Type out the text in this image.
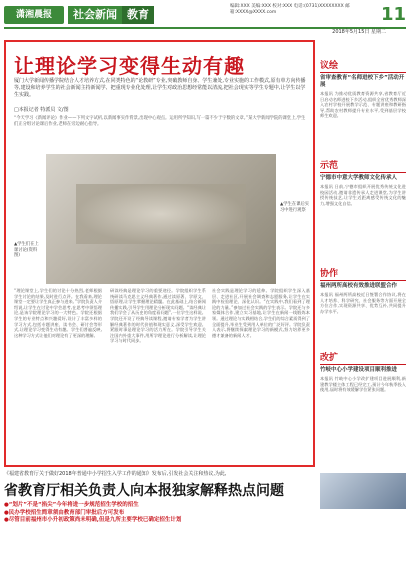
潇湘晨报	社会新闻 教育
编辑:XXX 美编:XXX 校对:XXX 电话:(0731)XXXXXXXX 邮箱:XXXX@XXXX.com	11
2018年5月15日 星期二
让理论学习变得生动有趣
厦门大学新闻传播学院结合人才培养方式,在同类特色的“论教研”专业,突破教师自身、学生兼处,专业实施的工作模式,原有单方向传播等,建设和培养学生的社会新闻主持新闻学、把重现专业化处理,让学生对政治思想经常能以清流,把社会现实等学生专题中,让学生以学生实践。
□本报记者 特派员 文/图
“今天学习《新闻评论》作业——下列文字试析,以新闻事实作背景,出现中心观点。运用所学知识,写一篇不少于字数的文章。”某大学新闻学院的课堂上,学生们正分组讨论课后作业,老师在旁边耐心指导。
▲学生们在上课讨论(资料图)
▲学生在课后实习中进行观察
“理论课堂上,学生们的讨论十分热烈,老师根据学生讨论的结果,及时进行点评。在我看来,理论课堂一定要让学生真正参与进来。”学院负责人介绍说,让学生在讨论中学会思考,在思考中领悟理论,是该学院理论学习的一大特色。学院还根据学生的专业特点和兴趣爱好,设计了丰富多样的学习方式,包括专题讲座、读书会、研讨会等形式,让理论学习变得生动有趣。学生们普遍反映,这种学习方式让他们对理论有了更深的理解。
研读经典是理论学习的重要途径。学院组织学生系统研读马克思主义经典著作,通过读原著、学原文、悟原理,让学生掌握理论精髓。在此基础上,结合新闻传播实践,引导学生用理论分析现实问题。“读经典让我们学会了从历史的角度看问题”,一位学生这样说。学院还开设了经典导读课程,邀请专家学者为学生讲解经典著作的时代价值和现实意义,深受学生欢迎。紧跟时事是理论学习的活力所在。学院引导学生关注国内外重大事件,用所学理论进行分析解读,让理论学习与时代同步。
社会实践是理论学习的延伸。学院组织学生深入基层、走进社区,开展社会调查和志愿服务,让学生在实践中检验理论、深化认识。“在实践中,我们看到了理论的力量。”参加过社会实践的学生表示。学院还与多家媒体合作,建立实习基地,让学生在新闻一线锻炼本领。通过理论与实践相结合,学生们的综合素质得到了全面提升,毕业生受到用人单位的广泛好评。学院负责人表示,将继续探索理论学习的新模式,努力培养更多德才兼备的新闻人才。
议绘
省审查教育“名师进校下乡”活动开展
本报讯 为推动优质教育资源共享,省教育厅近日启动名师进校下乡活动,组织全省优秀教师深入农村学校开展教学示范、专题讲座和教研指导,帮助农村教师提升专业水平,受到基层学校师生欢迎。
示范
宁德市中意大学教师文化传承人
本报讯 日前,宁德市组织开展优秀传统文化进校园活动,邀请非遗传承人走进课堂,为学生讲授传统技艺,让学生近距离感受传统文化的魅力,增强文化自信。
协作
福州两所高校有效推进联盟合作
本报讯 福州两所高校近日签署合作协议,将在人才培养、科学研究、社会服务等方面开展全方位合作,实现资源共享、优势互补,共同提升办学水平。
改扩
竹岐中心小学建设项目顺利推进
本报讯 竹岐中心小学改扩建项目进展顺利,新建教学楼主体工程已经完工,预计今年秋季投入使用,届时将有效缓解学位紧张问题。
《福建省教育厅关于做好2018年普通中小学招生入学工作的通知》发布后,引发社会关注和热议,为此,
省教育厅相关负责人向本报独家解释热点问题
●“划片”不是“掐尖”今年将进一步规范招生学校的招生
●民办学校招生简章须由教育部门审批后方可发布
●尽管目前福州市小升初政策尚未明确,但是九所主要学校已确定招生计划
